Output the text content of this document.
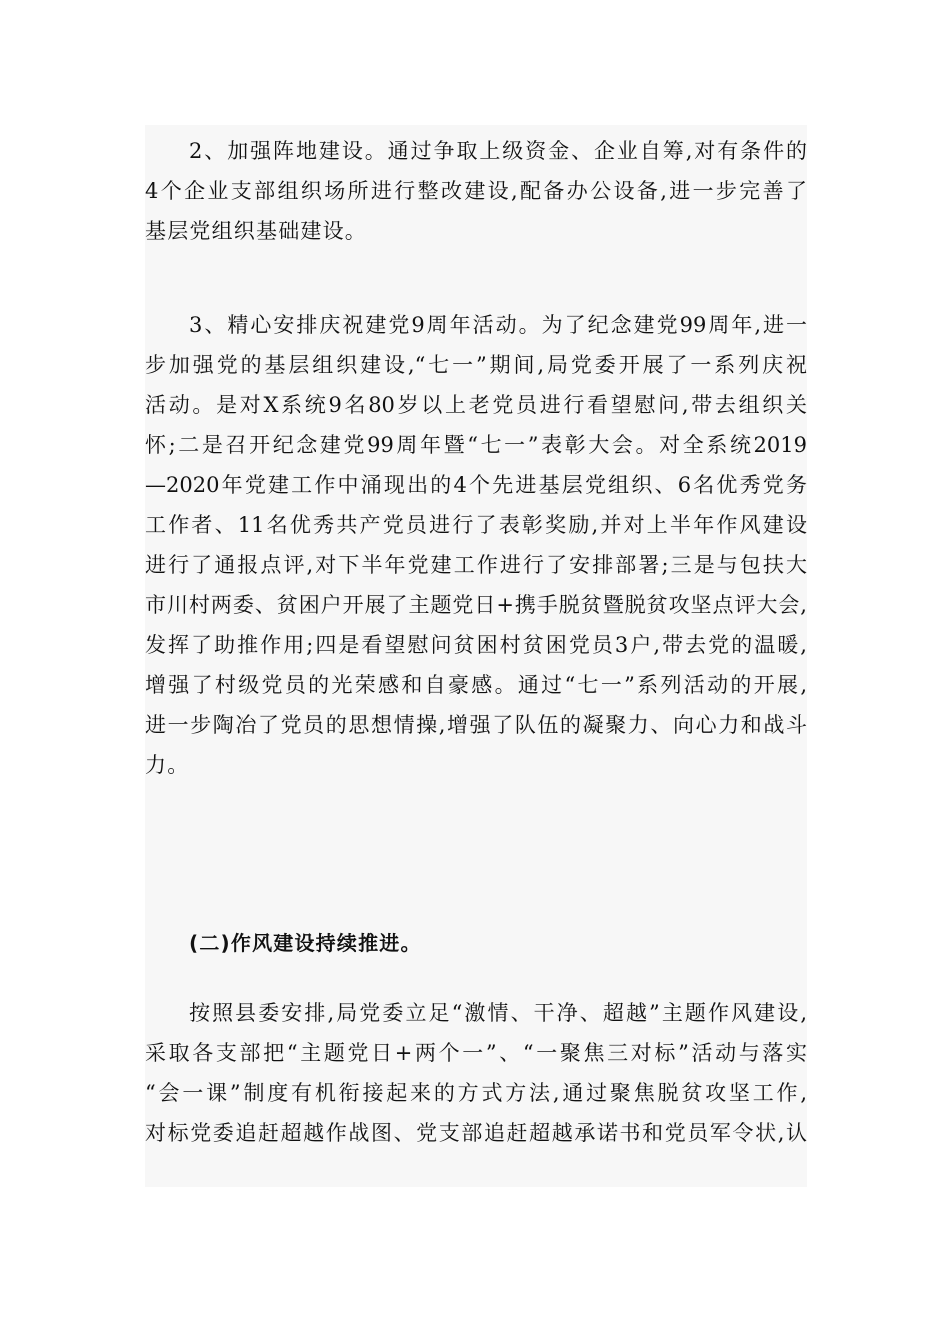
2、加强阵地建设。通过争取上级资金、企业自筹,对有条件的
4个企业支部组织场所进行整改建设,配备办公设备,进一步完善了
基层党组织基础建设。
3、精心安排庆祝建党9周年活动。为了纪念建党99周年,进一
步加强党的基层组织建设,“七一”期间,局党委开展了一系列庆祝
活动。是对X系统9名80岁以上老党员进行看望慰问,带去组织关
怀;二是召开纪念建党99周年暨“七一”表彰大会。对全系统2019
—2020年党建工作中涌现出的4个先进基层党组织、6名优秀党务
工作者、11名优秀共产党员进行了表彰奖励,并对上半年作风建设
进行了通报点评,对下半年党建工作进行了安排部署;三是与包扶大
市川村两委、贫困户开展了主题党日+携手脱贫暨脱贫攻坚点评大会,
发挥了助推作用;四是看望慰问贫困村贫困党员3户,带去党的温暖,
增强了村级党员的光荣感和自豪感。通过“七一”系列活动的开展,
进一步陶冶了党员的思想情操,增强了队伍的凝聚力、向心力和战斗
力。
(二)作风建设持续推进。
按照县委安排,局党委立足“激情、干净、超越”主题作风建设,
采取各支部把“主题党日+两个一”、“一聚焦三对标”活动与落实
“会一课”制度有机衔接起来的方式方法,通过聚焦脱贫攻坚工作,
对标党委追赶超越作战图、党支部追赶超越承诺书和党员军令状,认
